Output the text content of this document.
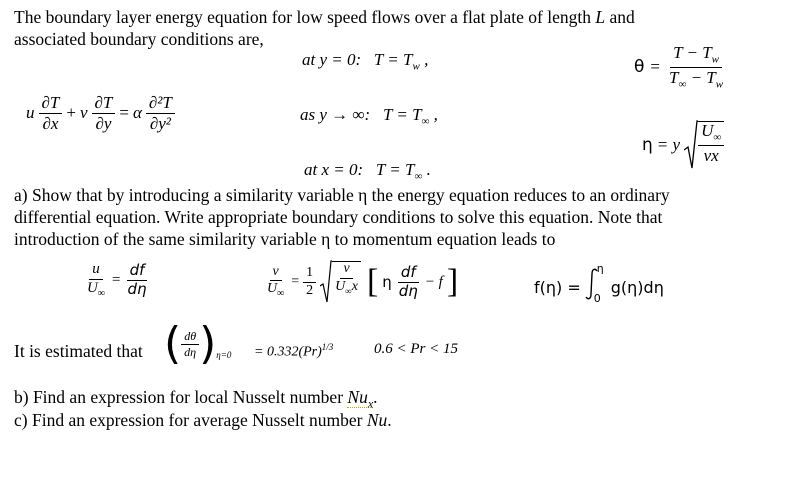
The boundary layer energy equation for low speed flows over a flat plate of length L and
associated boundary conditions are,
u $\frac{\partial T}{\partial x} + v \frac{\partial T}{\partial y} = \alpha \frac{\text{∂²T}}{\text{∂y²}}$
at y = 0: $T = T_w$ ,
as y → ∞: $T = T_\infty$ ,
at x = 0: $T = T_\infty$ .
$\theta = \frac{T - T_w}{T_\infty - T_w}$
η = y $\frac{U_\infty}{\nu x}$
a) Show that by introducing a similarity variable η the energy equation reduces to an ordinary
differential equation. Write appropriate boundary conditions to solve this equation. Note that
introduction of the same similarity variable η to momentum equation leads to
$\frac{u}{U_\infty} = \frac{df}{d\eta}$	$\frac{v}{U_\infty} = \frac{1}{2} \frac{\nu}{U_\infty x}$ [ η $\frac{df}{d\eta} - f$ ]	f(η) =
η
0
g(η)dη
It is estimated that ( $\frac{d\theta}{d\eta}$ ) $\eta=0 = 0.332(Pr)^{1/3}$	0.6 < Pr < 15
b) Find an expression for local Nusselt number $Nu_x$.
c) Find an expression for average Nusselt number Nu.
